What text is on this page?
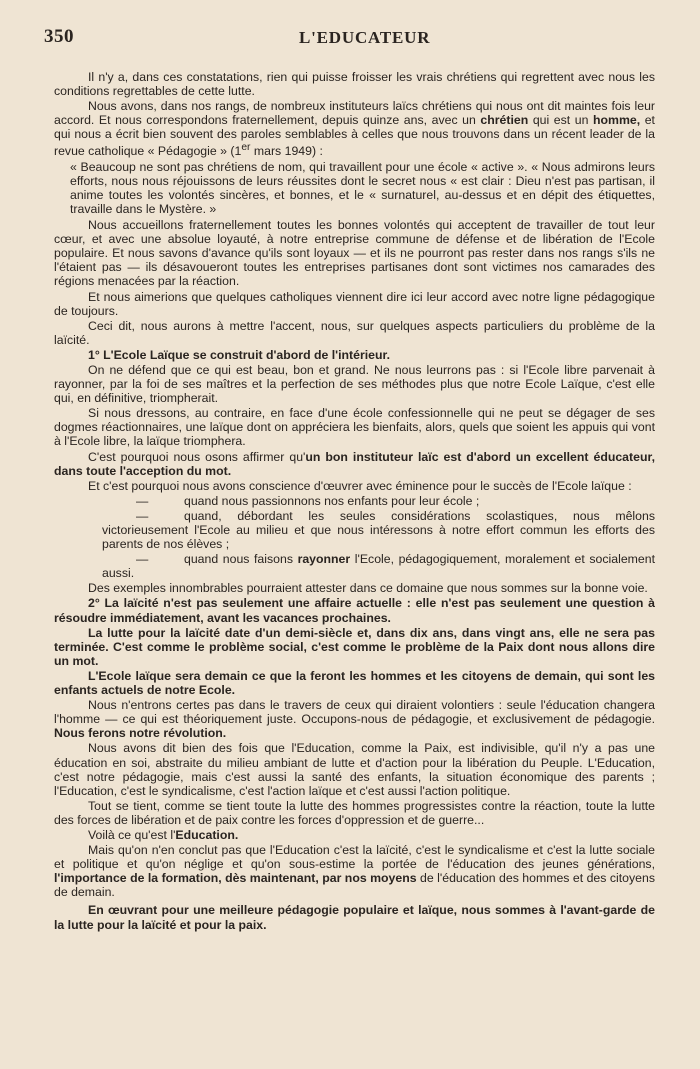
350	L'EDUCATEUR

Il n'y a, dans ces constatations, rien qui puisse froisser les vrais chrétiens qui regrettent avec nous les conditions regrettables de cette lutte.

Nous avons, dans nos rangs, de nombreux instituteurs laïcs chrétiens qui nous ont dit maintes fois leur accord. Et nous correspondons fraternellement, depuis quinze ans, avec un chrétien qui est un homme, et qui nous a écrit bien souvent des paroles semblables à celles que nous trouvons dans un récent leader de la revue catholique « Pédagogie » (1er mars 1949) :

« Beaucoup ne sont pas chrétiens de nom, qui travaillent pour une école « active ». « Nous admirons leurs efforts, nous nous réjouissons de leurs réussites dont le secret nous « est clair : Dieu n'est pas partisan, il anime toutes les volontés sincères, et bonnes, et le « surnaturel, au-dessus et en dépit des étiquettes, travaille dans le Mystère. »

Nous accueillons fraternellement toutes les bonnes volontés qui acceptent de travailler de tout leur cœur, et avec une absolue loyauté, à notre entreprise commune de défense et de libération de l'Ecole populaire. Et nous savons d'avance qu'ils sont loyaux — et ils ne pourront pas rester dans nos rangs s'ils ne l'étaient pas — ils désavoueront toutes les entreprises partisanes dont sont victimes nos camarades des régions menacées par la réaction.

Et nous aimerions que quelques catholiques viennent dire ici leur accord avec notre ligne pédagogique de toujours.

Ceci dit, nous aurons à mettre l'accent, nous, sur quelques aspects particuliers du problème de la laïcité.

1° L'Ecole Laïque se construit d'abord de l'intérieur.

On ne défend que ce qui est beau, bon et grand. Ne nous leurrons pas : si l'Ecole libre parvenait à rayonner, par la foi de ses maîtres et la perfection de ses méthodes plus que notre Ecole Laïque, c'est elle qui, en définitive, triompherait.

Si nous dressons, au contraire, en face d'une école confessionnelle qui ne peut se dégager de ses dogmes réactionnaires, une laïque dont on appréciera les bienfaits, alors, quels que soient les appuis qui vont à l'Ecole libre, la laïque triomphera.

C'est pourquoi nous osons affirmer qu'un bon instituteur laïc est d'abord un excellent éducateur, dans toute l'acception du mot.

Et c'est pourquoi nous avons conscience d'œuvrer avec éminence pour le succès de l'Ecole laïque :

—	quand nous passionnons nos enfants pour leur école ;

—	quand, débordant les seules considérations scolastiques, nous mêlons victorieusement l'Ecole au milieu et que nous intéressons à notre effort commun les efforts des parents de nos élèves ;

—	quand nous faisons rayonner l'Ecole, pédagogiquement, moralement et socialement aussi.

Des exemples innombrables pourraient attester dans ce domaine que nous sommes sur la bonne voie.

2° La laïcité n'est pas seulement une affaire actuelle : elle n'est pas seulement une question à résoudre immédiatement, avant les vacances prochaines.

La lutte pour la laïcité date d'un demi-siècle et, dans dix ans, dans vingt ans, elle ne sera pas terminée. C'est comme le problème social, c'est comme le problème de la Paix dont nous allons dire un mot.

L'Ecole laïque sera demain ce que la feront les hommes et les citoyens de demain, qui sont les enfants actuels de notre Ecole.

Nous n'entrons certes pas dans le travers de ceux qui diraient volontiers : seule l'éducation changera l'homme — ce qui est théoriquement juste. Occupons-nous de pédagogie, et exclusivement de pédagogie. Nous ferons notre révolution.

Nous avons dit bien des fois que l'Education, comme la Paix, est indivisible, qu'il n'y a pas une éducation en soi, abstraite du milieu ambiant de lutte et d'action pour la libération du Peuple. L'Education, c'est notre pédagogie, mais c'est aussi la santé des enfants, la situation économique des parents ; l'Education, c'est le syndicalisme, c'est l'action laïque et c'est aussi l'action politique.

Tout se tient, comme se tient toute la lutte des hommes progressistes contre la réaction, toute la lutte des forces de libération et de paix contre les forces d'oppression et de guerre...

Voilà ce qu'est l'Education.

Mais qu'on n'en conclut pas que l'Education c'est la laïcité, c'est le syndicalisme et c'est la lutte sociale et politique et qu'on néglige et qu'on sous-estime la portée de l'éducation des jeunes générations, l'importance de la formation, dès maintenant, par nos moyens de l'éducation des hommes et des citoyens de demain.

En œuvrant pour une meilleure pédagogie populaire et laïque, nous sommes à l'avant-garde de la lutte pour la laïcité et pour la paix.
